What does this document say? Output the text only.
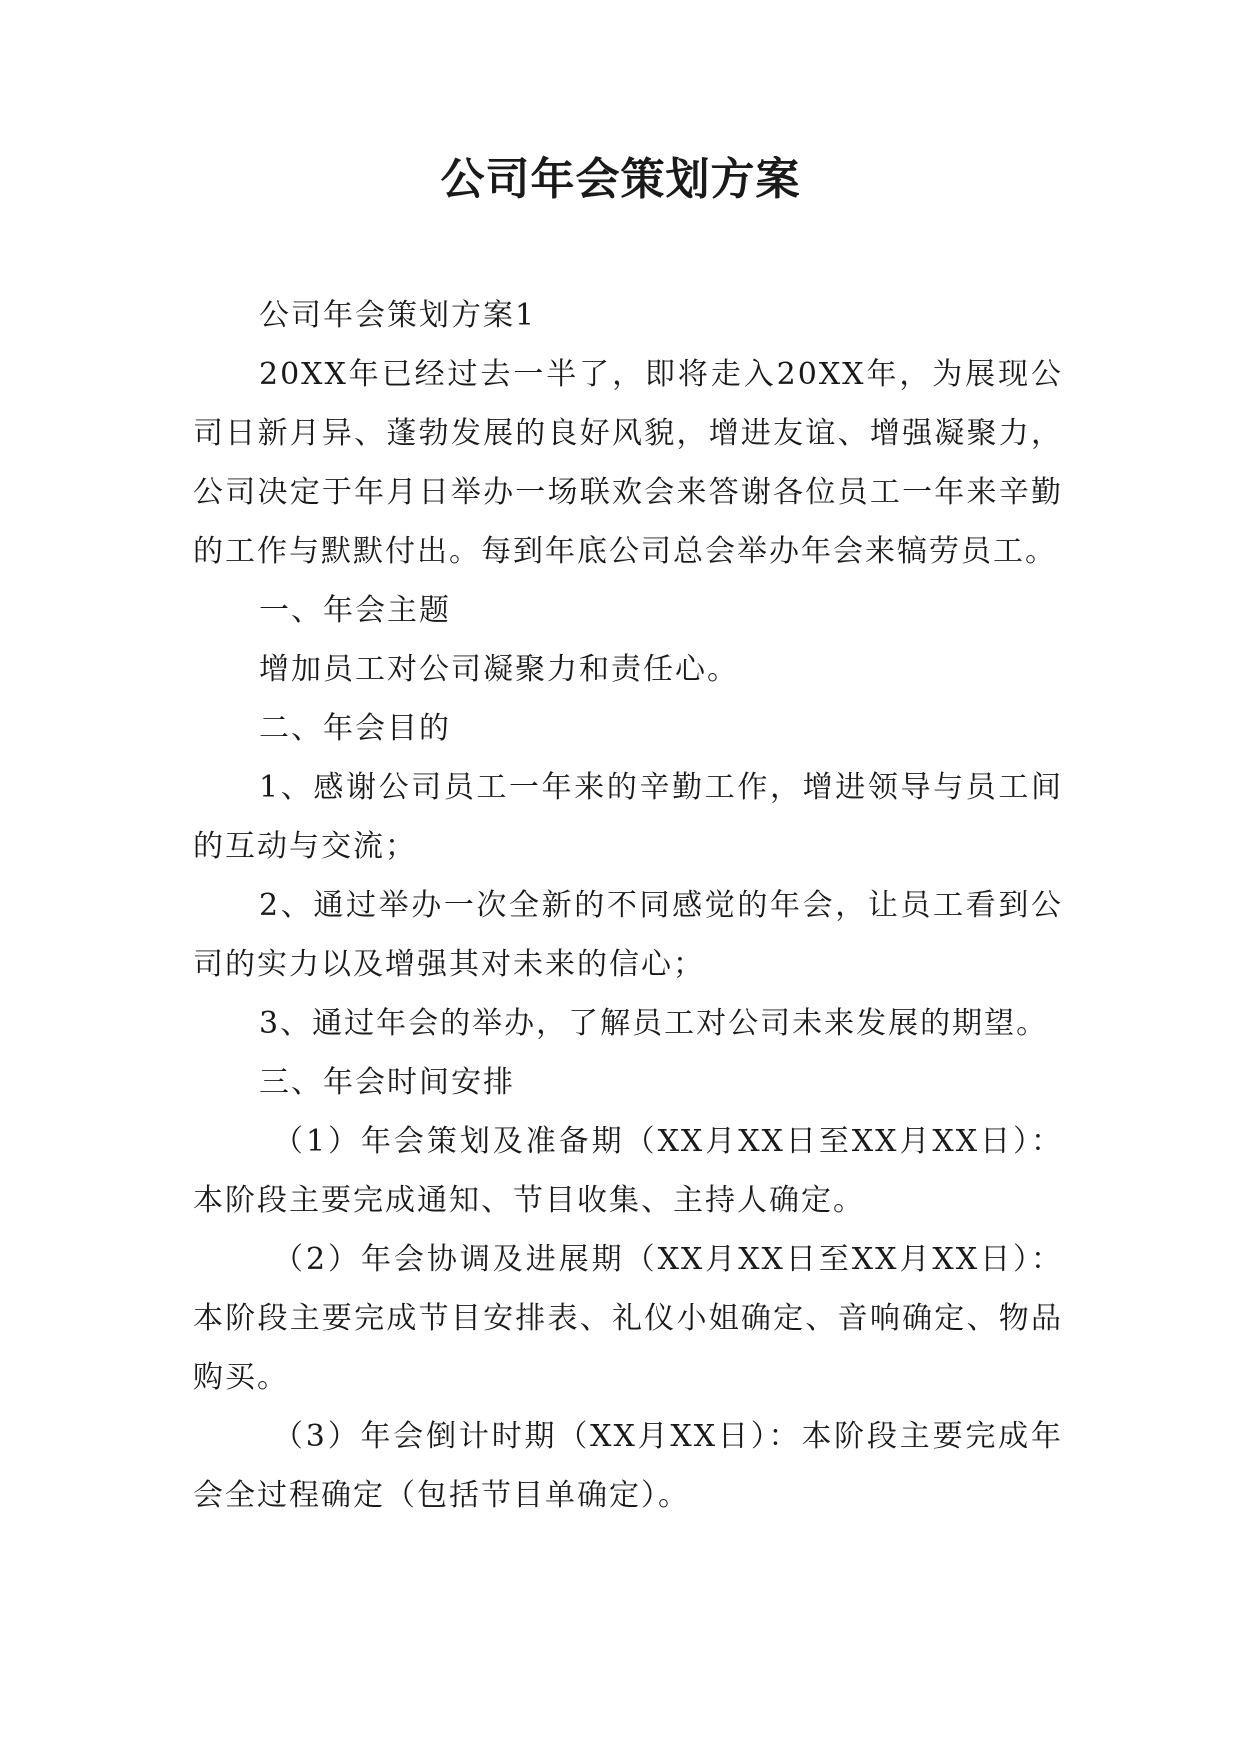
公司年会策划方案

公司年会策划方案1

20XX年已经过去一半了，即将走入20XX年，为展现公司日新月异、蓬勃发展的良好风貌，增进友谊、增强凝聚力，公司决定于年月日举办一场联欢会来答谢各位员工一年来辛勤的工作与默默付出。每到年底公司总会举办年会来犒劳员工。

一、年会主题

增加员工对公司凝聚力和责任心。

二、年会目的

1、感谢公司员工一年来的辛勤工作，增进领导与员工间的互动与交流；

2、通过举办一次全新的不同感觉的年会，让员工看到公司的实力以及增强其对未来的信心；

3、通过年会的举办，了解员工对公司未来发展的期望。

三、年会时间安排

（1）年会策划及准备期（XX月XX日至XX月XX日）：本阶段主要完成通知、节目收集、主持人确定。

（2）年会协调及进展期（XX月XX日至XX月XX日）：本阶段主要完成节目安排表、礼仪小姐确定、音响确定、物品购买。

（3）年会倒计时期（XX月XX日）：本阶段主要完成年会全过程确定（包括节目单确定）。
